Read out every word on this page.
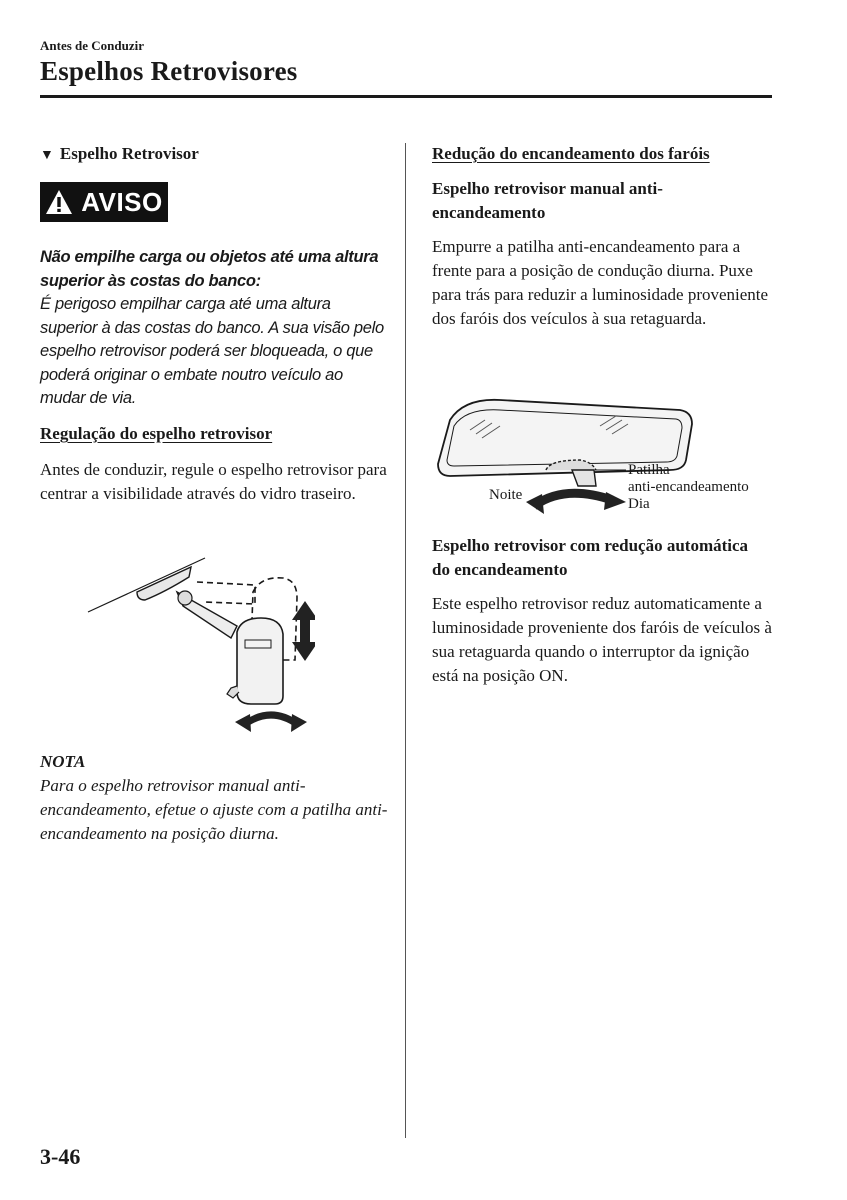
Antes de Conduzir
Espelhos Retrovisores
▼ Espelho Retrovisor
AVISO
Não empilhe carga ou objetos até uma altura superior às costas do banco:
É perigoso empilhar carga até uma altura superior à das costas do banco. A sua visão pelo espelho retrovisor poderá ser bloqueada, o que poderá originar o embate noutro veículo ao mudar de via.
Regulação do espelho retrovisor
Antes de conduzir, regule o espelho retrovisor para centrar a visibilidade através do vidro traseiro.
NOTA
Para o espelho retrovisor manual anti-encandeamento, efetue o ajuste com a patilha anti-encandeamento na posição diurna.
Redução do encandeamento dos faróis
Espelho retrovisor manual anti-encandeamento
Empurre a patilha anti-encandeamento para a frente para a posição de condução diurna. Puxe para trás para reduzir a luminosidade proveniente dos faróis dos veículos à sua retaguarda.
Noite
Patilha
anti-encandeamento
Dia
Espelho retrovisor com redução automática do encandeamento
Este espelho retrovisor reduz automaticamente a luminosidade proveniente dos faróis de veículos à sua retaguarda quando o interruptor da ignição está na posição ON.
3-46
